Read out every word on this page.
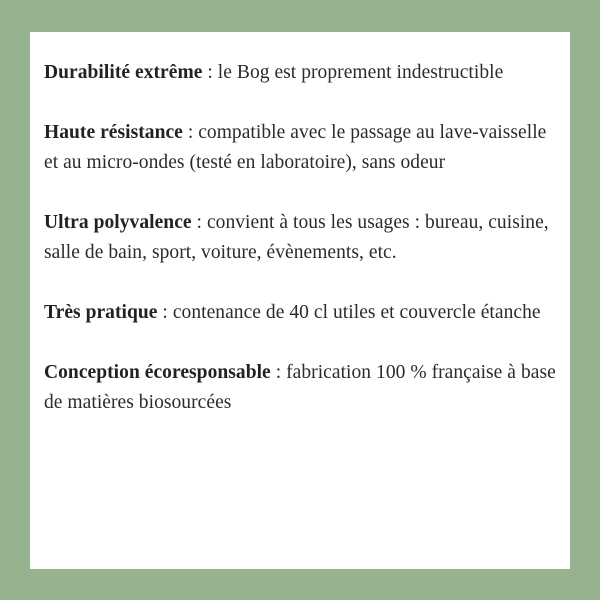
Durabilité extrême : le Bog est proprement indestructible

Haute résistance : compatible avec le passage au lave-vaisselle et au micro-ondes (testé en laboratoire), sans odeur

Ultra polyvalence : convient à tous les usages : bureau, cuisine, salle de bain, sport, voiture, évènements, etc.

Très pratique : contenance de 40 cl utiles et couvercle étanche

Conception écoresponsable : fabrication 100 % française à base de matières biosourcées
